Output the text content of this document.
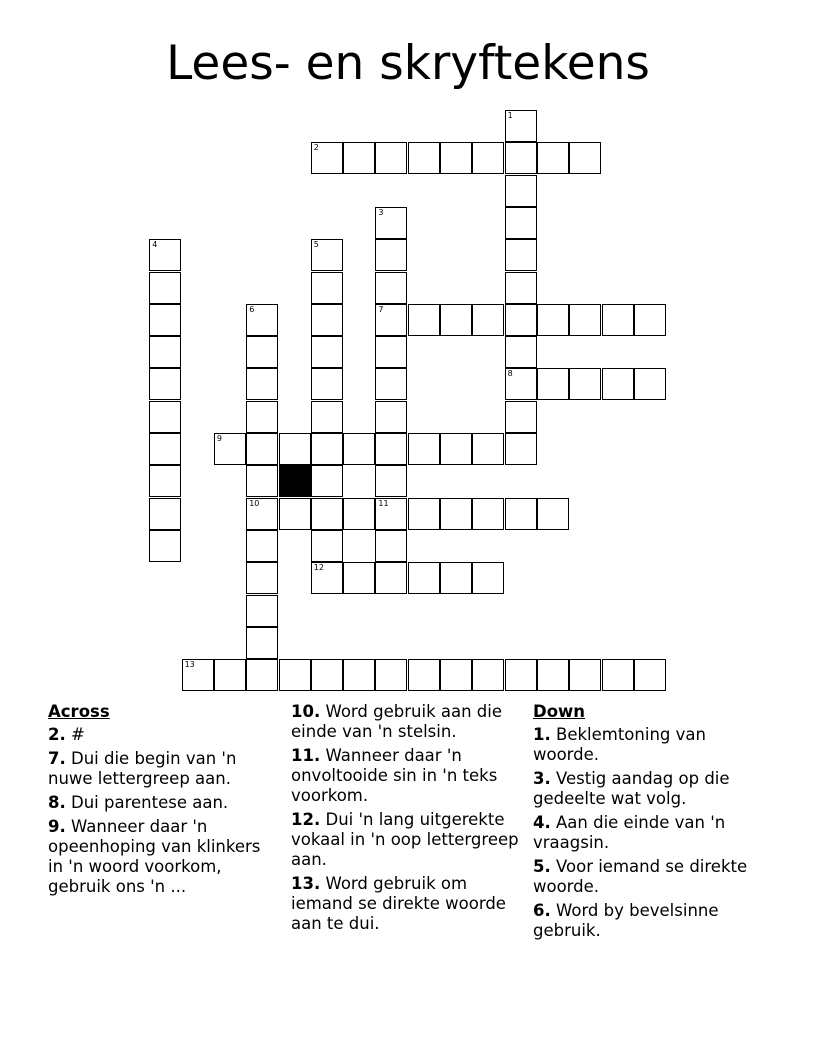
Lees- en skryftekens
1
2
3
4	5
6	7
8
9
10	11
12
13
Across
2. #
7. Dui die begin van 'n nuwe lettergreep aan.
8. Dui parentese aan.
9. Wanneer daar 'n opeenhoping van klinkers in 'n woord voorkom, gebruik ons 'n ...
10. Word gebruik aan die einde van 'n stelsin.
11. Wanneer daar 'n onvoltooide sin in 'n teks voorkom.
12. Dui 'n lang uitgerekte vokaal in 'n oop lettergreep aan.
13. Word gebruik om iemand se direkte woorde aan te dui.
Down
1. Beklemtoning van woorde.
3. Vestig aandag op die gedeelte wat volg.
4. Aan die einde van 'n vraagsin.
5. Voor iemand se direkte woorde.
6. Word by bevelsinne gebruik.
